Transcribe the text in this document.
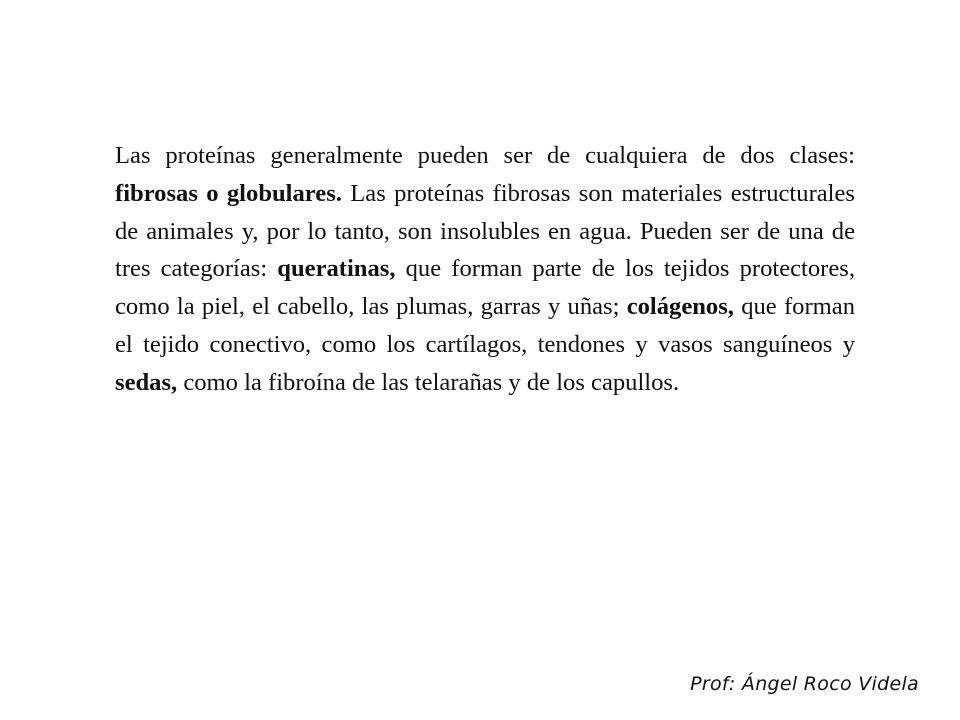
Las proteínas generalmente pueden ser de cualquiera de dos clases: fibrosas o globulares. Las proteínas fibrosas son materiales estructurales de animales y, por lo tanto, son insolubles en agua. Pueden ser de una de tres categorías: queratinas, que forman parte de los tejidos protectores, como la piel, el cabello, las plumas, garras y uñas; colágenos, que forman el tejido conectivo, como los cartílagos, tendones y vasos sanguíneos y sedas, como la fibroína de las telarañas y de los capullos.

Prof: Ángel Roco Videla
